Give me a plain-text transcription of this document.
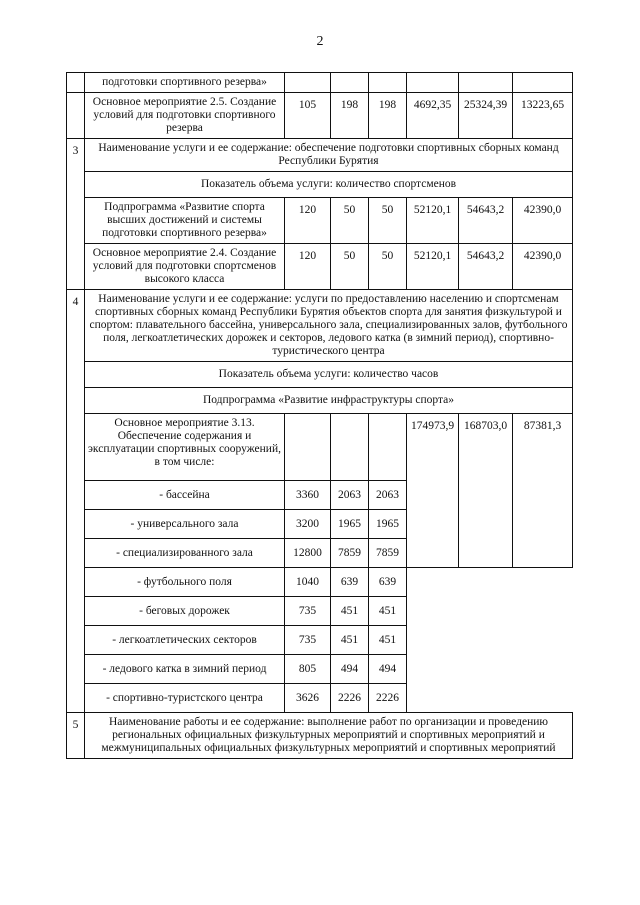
2
	подготовки спортивного резерва»						
	Основное мероприятие 2.5. Создание условий для подготовки спортивного резерва	105	198	198	4692,35	25324,39	13223,65
3	Наименование услуги и ее содержание: обеспечение подготовки спортивных сборных команд Республики Бурятия						
	Показатель объема услуги: количество спортсменов						
	Подпрограмма «Развитие спорта высших достижений и системы подготовки спортивного резерва»	120	50	50	52120,1	54643,2	42390,0
	Основное мероприятие 2.4. Создание условий для подготовки спортсменов высокого класса	120	50	50	52120,1	54643,2	42390,0
4	Наименование услуги и ее содержание: услуги по предоставлению населению и спортсменам спортивных сборных команд Республики Бурятия объектов спорта для занятия физкультурой и спортом: плавательного бассейна, универсального зала, специализированных залов, футбольного поля, легкоатлетических дорожек и секторов, ледового катка (в зимний период), спортивно-туристического центра						
	Показатель объема услуги: количество часов						
	Подпрограмма «Развитие инфраструктуры спорта»						
	Основное мероприятие 3.13. Обеспечение содержания и эксплуатации спортивных сооружений, в том числе:				174973,9	168703,0	87381,3
	- бассейна	3360	2063	2063			
	- универсального зала	3200	1965	1965			
	- специализированного зала	12800	7859	7859			
	- футбольного поля	1040	639	639			
	- беговых дорожек	735	451	451			
	- легкоатлетических секторов	735	451	451			
	- ледового катка в зимний период	805	494	494			
	- спортивно-туристского центра	3626	2226	2226			
5	Наименование работы и ее содержание: выполнение работ по организации и проведению региональных официальных физкультурных мероприятий и спортивных мероприятий и межмуниципальных официальных физкультурных мероприятий и спортивных мероприятий						
